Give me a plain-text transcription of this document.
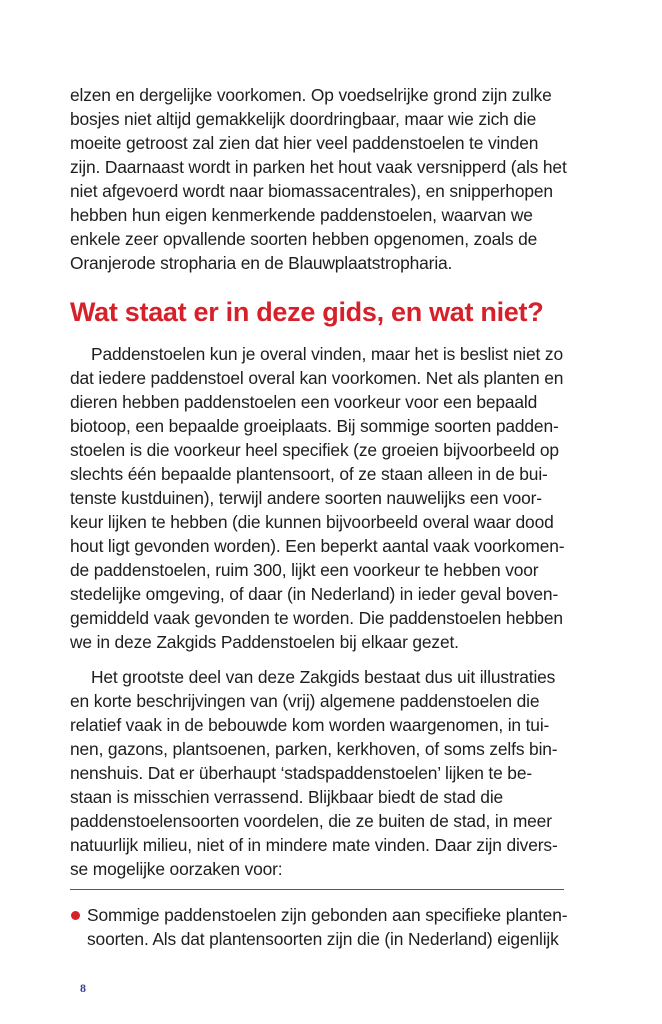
elzen en dergelijke voorkomen. Op voedselrijke grond zijn zulke
bosjes niet altijd gemakkelijk doordringbaar, maar wie zich die
moeite getroost zal zien dat hier veel paddenstoelen te vinden
zijn. Daarnaast wordt in parken het hout vaak versnipperd (als het
niet afgevoerd wordt naar biomassacentrales), en snipperhopen
hebben hun eigen kenmerkende paddenstoelen, waarvan we
enkele zeer opvallende soorten hebben opgenomen, zoals de
Oranjerode stropharia en de Blauwplaatstropharia.
Wat staat er in deze gids, en wat niet?
Paddenstoelen kun je overal vinden, maar het is beslist niet zo
dat iedere paddenstoel overal kan voorkomen. Net als planten en
dieren hebben paddenstoelen een voorkeur voor een bepaald
biotoop, een bepaalde groeiplaats. Bij sommige soorten padden-
stoelen is die voorkeur heel specifiek (ze groeien bijvoorbeeld op
slechts één bepaalde plantensoort, of ze staan alleen in de bui-
tenste kustduinen), terwijl andere soorten nauwelijks een voor-
keur lijken te hebben (die kunnen bijvoorbeeld overal waar dood
hout ligt gevonden worden). Een beperkt aantal vaak voorkomen-
de paddenstoelen, ruim 300, lijkt een voorkeur te hebben voor
stedelijke omgeving, of daar (in Nederland) in ieder geval boven-
gemiddeld vaak gevonden te worden. Die paddenstoelen hebben
we in deze Zakgids Paddenstoelen bij elkaar gezet.
Het grootste deel van deze Zakgids bestaat dus uit illustraties
en korte beschrijvingen van (vrij) algemene paddenstoelen die
relatief vaak in de bebouwde kom worden waargenomen, in tui-
nen, gazons, plantsoenen, parken, kerkhoven, of soms zelfs bin-
nenshuis. Dat er überhaupt ‘stadspaddenstoelen’ lijken te be-
staan is misschien verrassend. Blijkbaar biedt de stad die
paddenstoelensoorten voordelen, die ze buiten de stad, in meer
natuurlijk milieu, niet of in mindere mate vinden. Daar zijn divers-
se mogelijke oorzaken voor:
Sommige paddenstoelen zijn gebonden aan specifieke planten-
soorten. Als dat plantensoorten zijn die (in Nederland) eigenlijk
8
